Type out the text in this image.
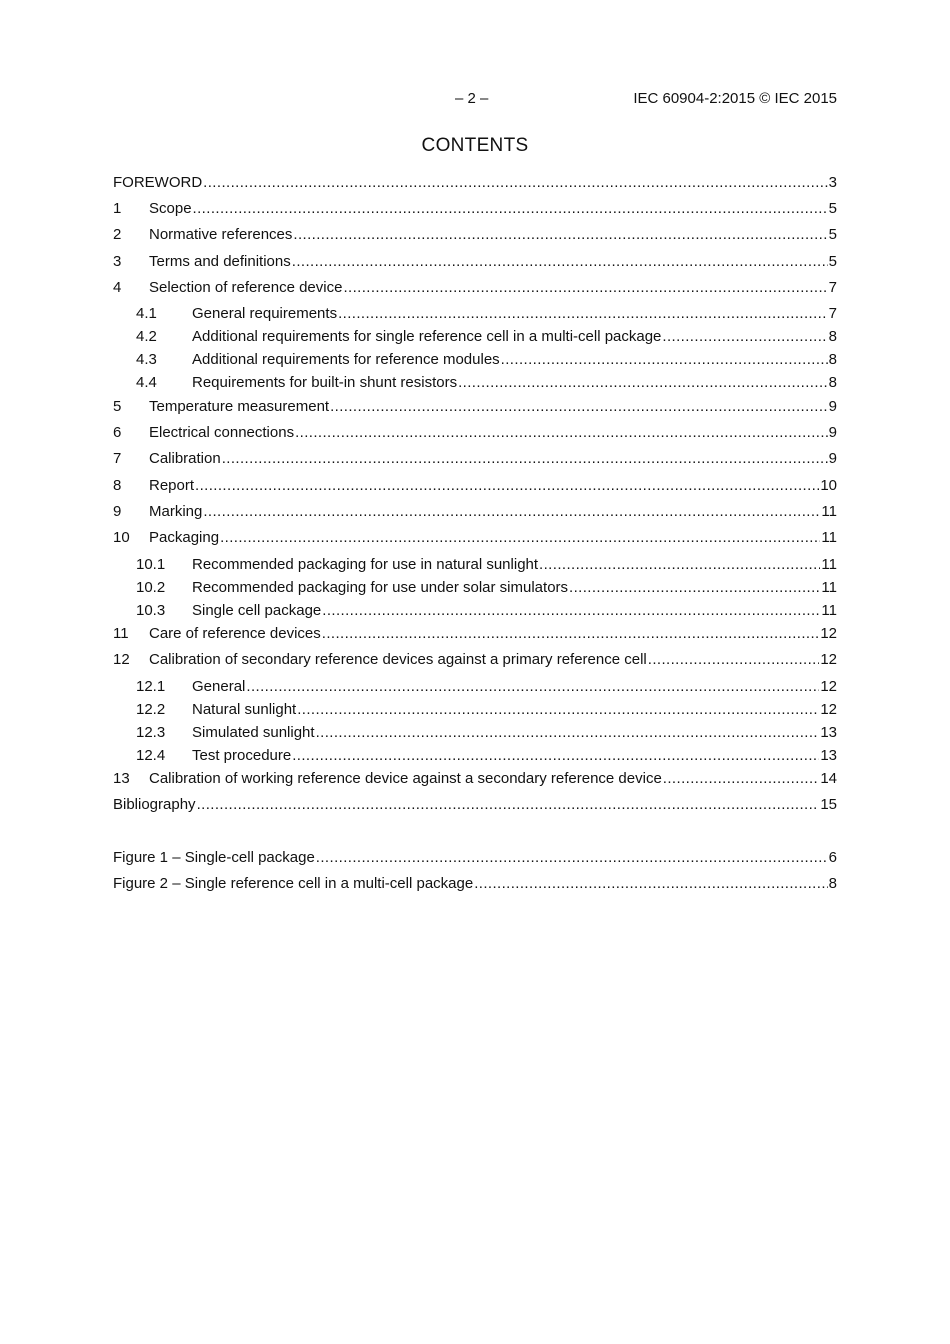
– 2 –	IEC 60904-2:2015 © IEC 2015
CONTENTS
FOREWORD .....	3
1	Scope .....	5
2	Normative references .....	5
3	Terms and definitions .....	5
4	Selection of reference device .....	7
4.1	General requirements .....	7
4.2	Additional requirements for single reference cell in a multi-cell package .....	8
4.3	Additional requirements for reference modules .....	8
4.4	Requirements for built-in shunt resistors .....	8
5	Temperature measurement .....	9
6	Electrical connections .....	9
7	Calibration .....	9
8	Report .....	10
9	Marking .....	11
10	Packaging .....	11
10.1	Recommended packaging for use in natural sunlight .....	11
10.2	Recommended packaging for use under solar simulators .....	11
10.3	Single cell package .....	11
11	Care of reference devices .....	12
12	Calibration of secondary reference devices against a primary reference cell .....	12
12.1	General .....	12
12.2	Natural sunlight .....	12
12.3	Simulated sunlight .....	13
12.4	Test procedure .....	13
13	Calibration of working reference device against a secondary reference device .....	14
Bibliography .....	15
Figure 1 – Single-cell package .....	6
Figure 2 – Single reference cell in a multi-cell package .....	8
